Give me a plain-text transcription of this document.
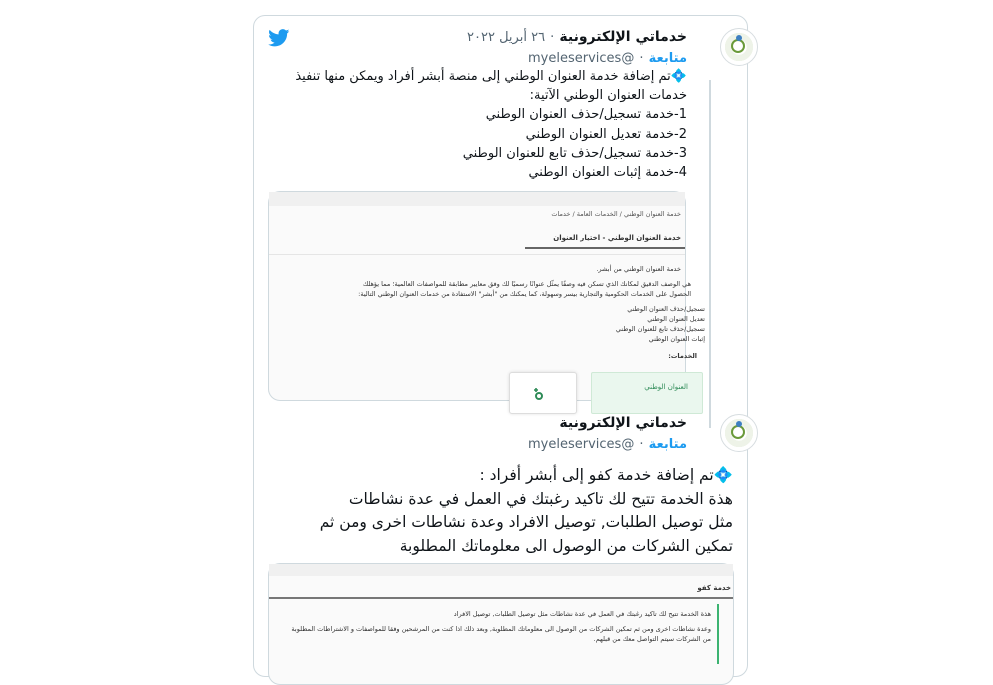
خدماتي الإلكترونية · ٢٦ أبريل ٢٠٢٢
متابعة · @myeleservices
💠تم إضافة خدمة العنوان الوطني إلى منصة أبشر أفراد ويمكن منها تنفيذ
خدمات العنوان الوطني الآتية:
1-خدمة تسجيل/حذف العنوان الوطني
2-خدمة تعديل العنوان الوطني
3-خدمة تسجيل/حذف تابع للعنوان الوطني
4-خدمة إثبات العنوان الوطني
خدمة العنوان الوطني / الخدمات العامة / خدمات
خدمة العنوان الوطني - اختيار العنوان
خدمة العنوان الوطني من أبشر.
هي الوصف الدقيق لمكانك الذي تسكن فيه وصفًا يمثّل عنوانًا رسميًا لك وفق معايير مطابقة للمواصفات العالمية؛ مما يؤهلك
الحصول على الخدمات الحكومية والتجارية بيسر وسهولة، كما يمكنك من "أبشر" الاستفادة من خدمات العنوان الوطني التالية:
تسجيل/حذف العنوان الوطني
تعديل العنوان الوطني
تسجيل/حذف تابع للعنوان الوطني
إثبات العنوان الوطني
الخدمات:
العنوان الوطني
خدماتي الإلكترونية
متابعة · @myeleservices
💠تم إضافة خدمة كفو إلى أبشر أفراد :
هذة الخدمة تتيح لك تاكيد رغبتك في العمل في عدة نشاطات
مثل توصيل الطلبات, توصيل الافراد وعدة نشاطات اخرى ومن ثم
تمكين الشركات من الوصول الى معلوماتك المطلوبة
خدمة كفو
هذة الخدمة تتيح لك تاكيد رغبتك في العمل في عدة نشاطات مثل توصيل الطلبات, توصيل الافراد
وعدة نشاطات اخرى ومن ثم تمكين الشركات من الوصول الى معلوماتك المطلوبة, وبعد ذلك اذا كنت من المرشحين وفقا للمواصفات و الاشتراطات المطلوبة
من الشركات سيتم التواصل معك من قبلهم.
